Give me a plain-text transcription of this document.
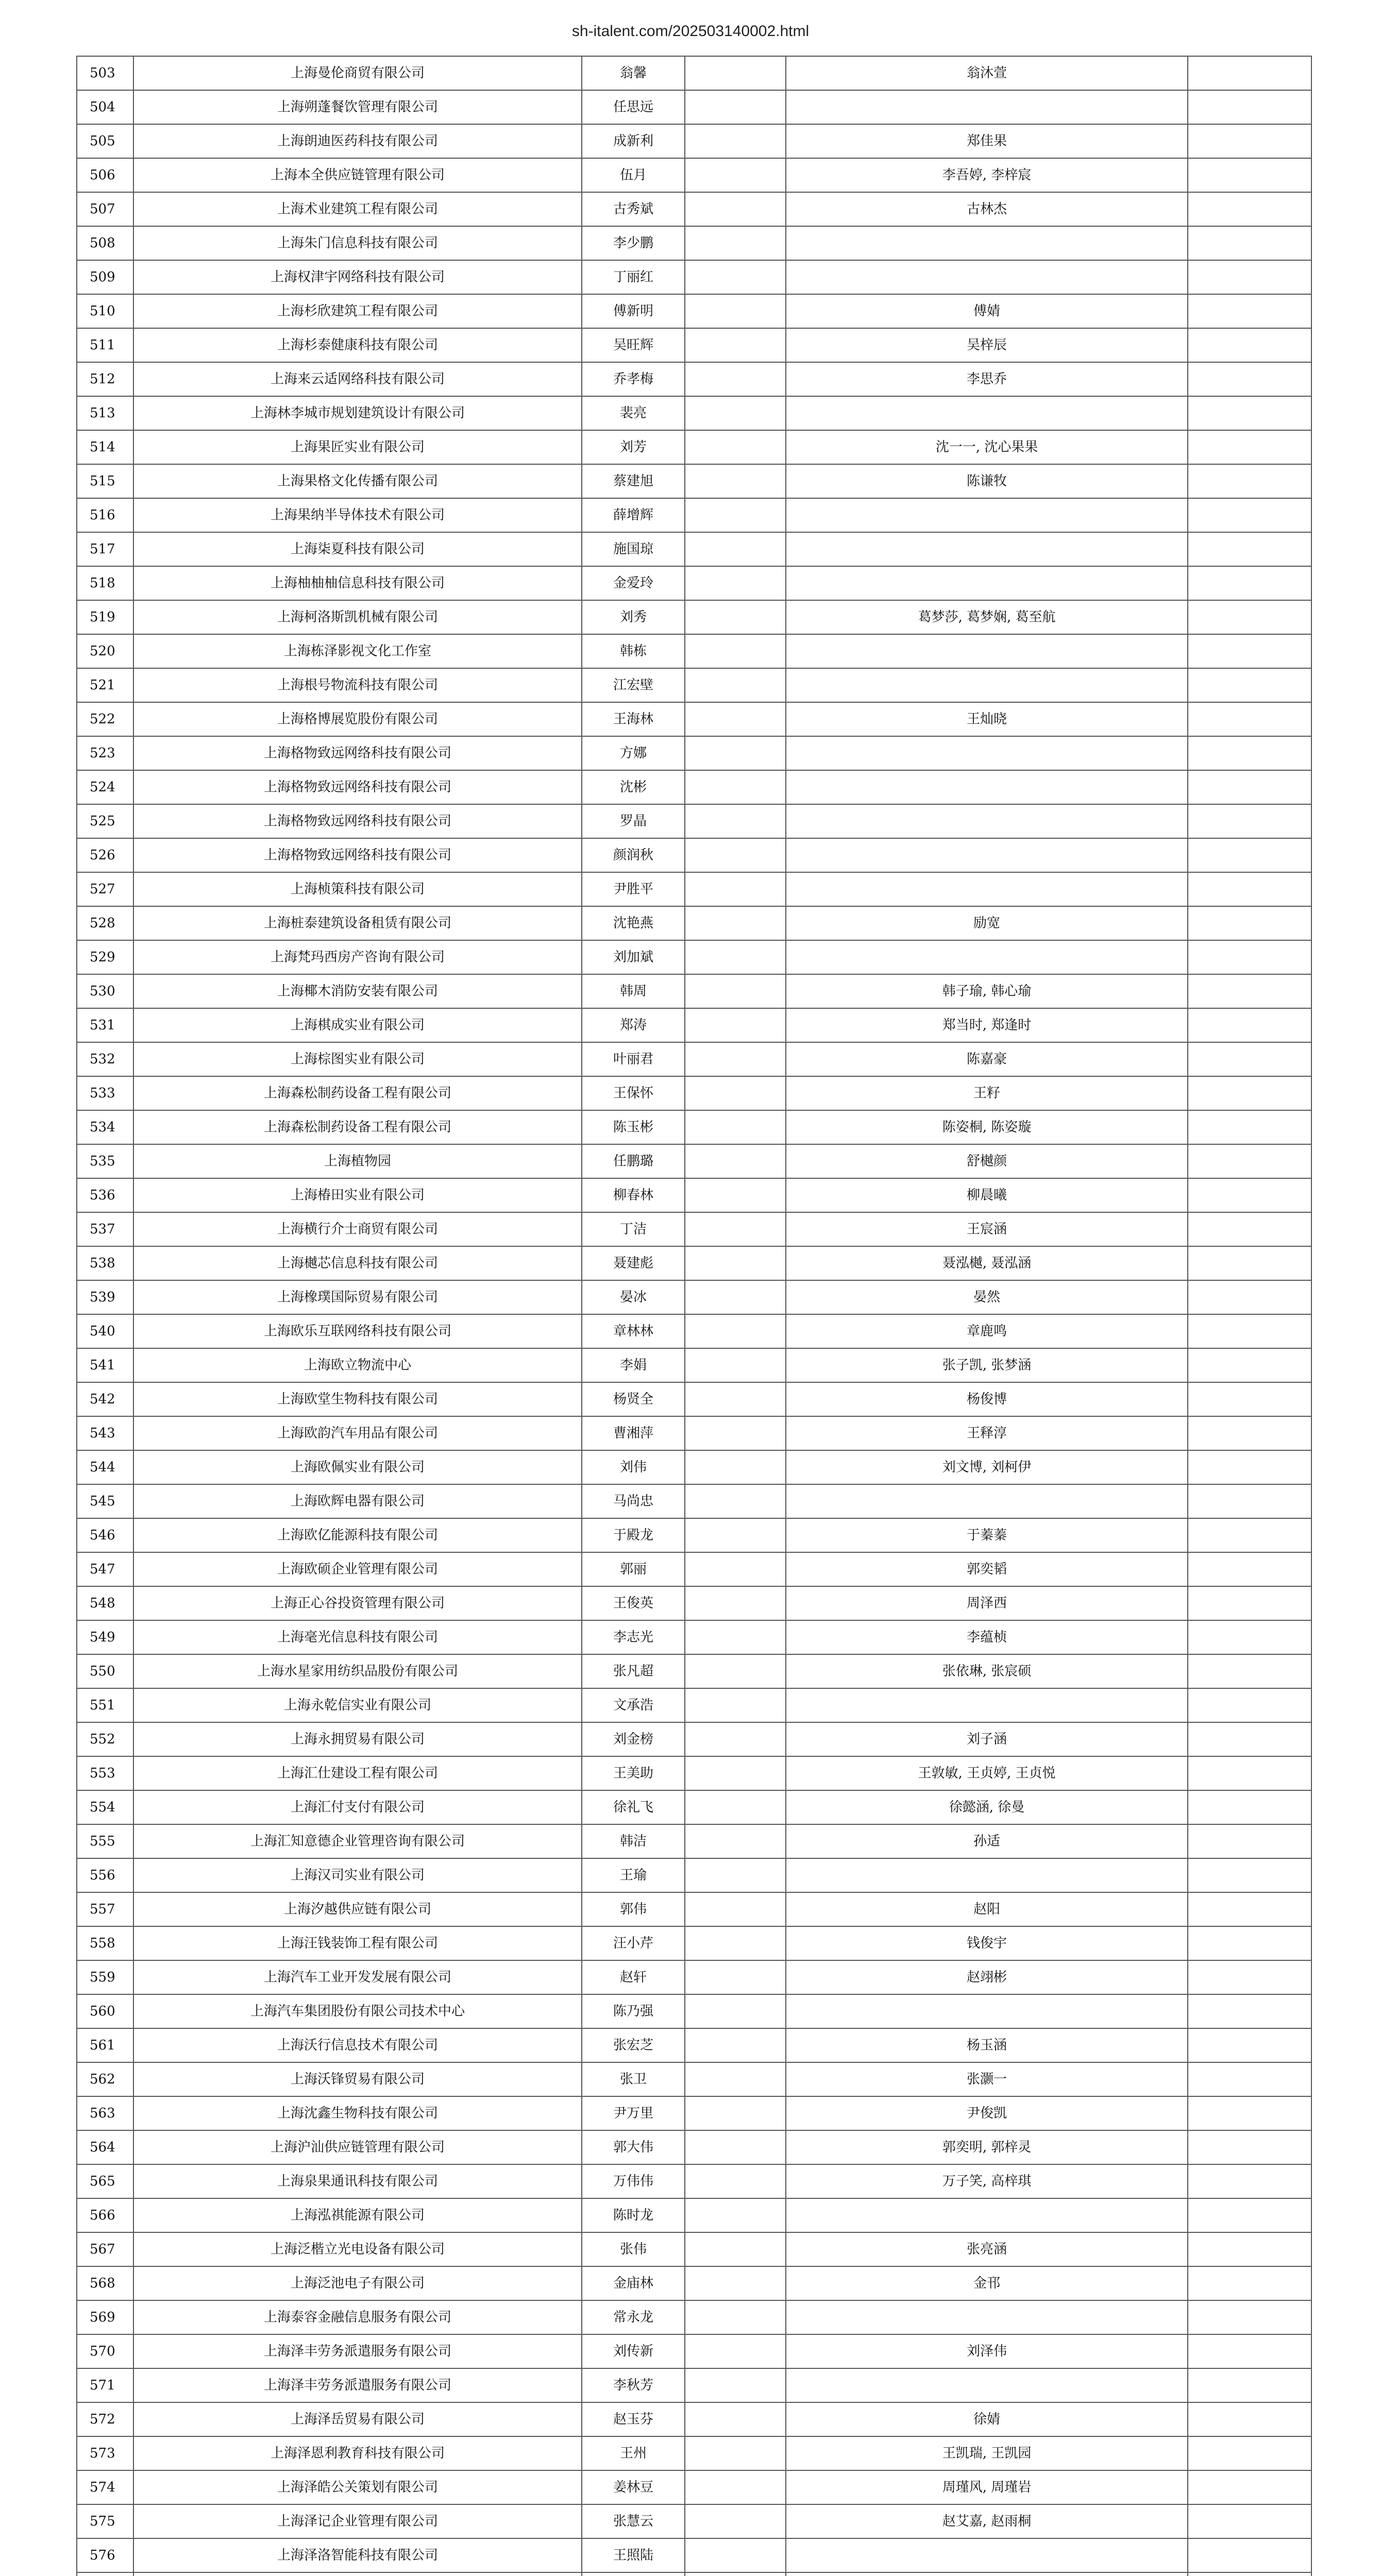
sh-italent.com/202503140002.html
503	上海曼伦商贸有限公司	翁馨		翁沐萱	
504	上海朔蓬餐饮管理有限公司	任思远			
505	上海朗迪医药科技有限公司	成新利		郑佳果	
506	上海本全供应链管理有限公司	伍月		李吾婷, 李梓宸	
507	上海术业建筑工程有限公司	古秀斌		古林杰	
508	上海朱门信息科技有限公司	李少鹏			
509	上海权津宇网络科技有限公司	丁丽红			
510	上海杉欣建筑工程有限公司	傅新明		傅婧	
511	上海杉泰健康科技有限公司	吴旺辉		吴梓辰	
512	上海来云适网络科技有限公司	乔孝梅		李思乔	
513	上海林李城市规划建筑设计有限公司	裴亮			
514	上海果匠实业有限公司	刘芳		沈一一, 沈心果果	
515	上海果格文化传播有限公司	蔡建旭		陈谦牧	
516	上海果纳半导体技术有限公司	薛增辉			
517	上海柒夏科技有限公司	施国琼			
518	上海柚柚柚信息科技有限公司	金爱玲			
519	上海柯洛斯凯机械有限公司	刘秀		葛梦莎, 葛梦娴, 葛至航	
520	上海栋泽影视文化工作室	韩栋			
521	上海根号物流科技有限公司	江宏壁			
522	上海格博展览股份有限公司	王海林		王灿晓	
523	上海格物致远网络科技有限公司	方娜			
524	上海格物致远网络科技有限公司	沈彬			
525	上海格物致远网络科技有限公司	罗晶			
526	上海格物致远网络科技有限公司	颜润秋			
527	上海桢策科技有限公司	尹胜平			
528	上海桩泰建筑设备租赁有限公司	沈艳燕		励宽	
529	上海梵玛西房产咨询有限公司	刘加斌			
530	上海椰木消防安装有限公司	韩周		韩子瑜, 韩心瑜	
531	上海棋成实业有限公司	郑涛		郑当时, 郑逢时	
532	上海棕图实业有限公司	叶丽君		陈嘉豪	
533	上海森松制药设备工程有限公司	王保怀		王籽	
534	上海森松制药设备工程有限公司	陈玉彬		陈姿桐, 陈姿璇	
535	上海植物园	任鹏璐		舒樾颜	
536	上海椿田实业有限公司	柳春林		柳晨曦	
537	上海横行介士商贸有限公司	丁洁		王宸涵	
538	上海樾芯信息科技有限公司	聂建彪		聂泓樾, 聂泓涵	
539	上海橡璞国际贸易有限公司	晏冰		晏然	
540	上海欧乐互联网络科技有限公司	章林林		章鹿鸣	
541	上海欧立物流中心	李娟		张子凯, 张梦涵	
542	上海欧堂生物科技有限公司	杨贤全		杨俊博	
543	上海欧韵汽车用品有限公司	曹湘萍		王释淳	
544	上海欧佩实业有限公司	刘伟		刘文博, 刘柯伊	
545	上海欧辉电器有限公司	马尚忠			
546	上海欧亿能源科技有限公司	于殿龙		于蓁蓁	
547	上海欧硕企业管理有限公司	郭丽		郭奕韬	
548	上海正心谷投资管理有限公司	王俊英		周泽西	
549	上海毫光信息科技有限公司	李志光		李蕴桢	
550	上海水星家用纺织品股份有限公司	张凡超		张依琳, 张宸硕	
551	上海永乾信实业有限公司	文承浩			
552	上海永拥贸易有限公司	刘金榜		刘子涵	
553	上海汇仕建设工程有限公司	王美助		王敦敏, 王贞婷, 王贞悦	
554	上海汇付支付有限公司	徐礼飞		徐懿涵, 徐曼	
555	上海汇知意德企业管理咨询有限公司	韩洁		孙适	
556	上海汉司实业有限公司	王瑜			
557	上海汐越供应链有限公司	郭伟		赵阳	
558	上海汪钱装饰工程有限公司	汪小芹		钱俊宇	
559	上海汽车工业开发发展有限公司	赵轩		赵翊彬	
560	上海汽车集团股份有限公司技术中心	陈乃强			
561	上海沃行信息技术有限公司	张宏芝		杨玉涵	
562	上海沃锋贸易有限公司	张卫		张灏一	
563	上海沈鑫生物科技有限公司	尹万里		尹俊凯	
564	上海沪汕供应链管理有限公司	郭大伟		郭奕明, 郭梓灵	
565	上海泉果通讯科技有限公司	万伟伟		万子笑, 高梓琪	
566	上海泓祺能源有限公司	陈时龙			
567	上海泛楷立光电设备有限公司	张伟		张亮涵	
568	上海泛池电子有限公司	金庙林		金邗	
569	上海泰容金融信息服务有限公司	常永龙			
570	上海泽丰劳务派遣服务有限公司	刘传新		刘泽伟	
571	上海泽丰劳务派遣服务有限公司	李秋芳			
572	上海泽岳贸易有限公司	赵玉芬		徐婧	
573	上海泽恩利教育科技有限公司	王州		王凯瑞, 王凯园	
574	上海泽皓公关策划有限公司	姜林豆		周瑾风, 周瑾岩	
575	上海泽记企业管理有限公司	张慧云		赵艾嘉, 赵雨桐	
576	上海泽洛智能科技有限公司	王照陆			
